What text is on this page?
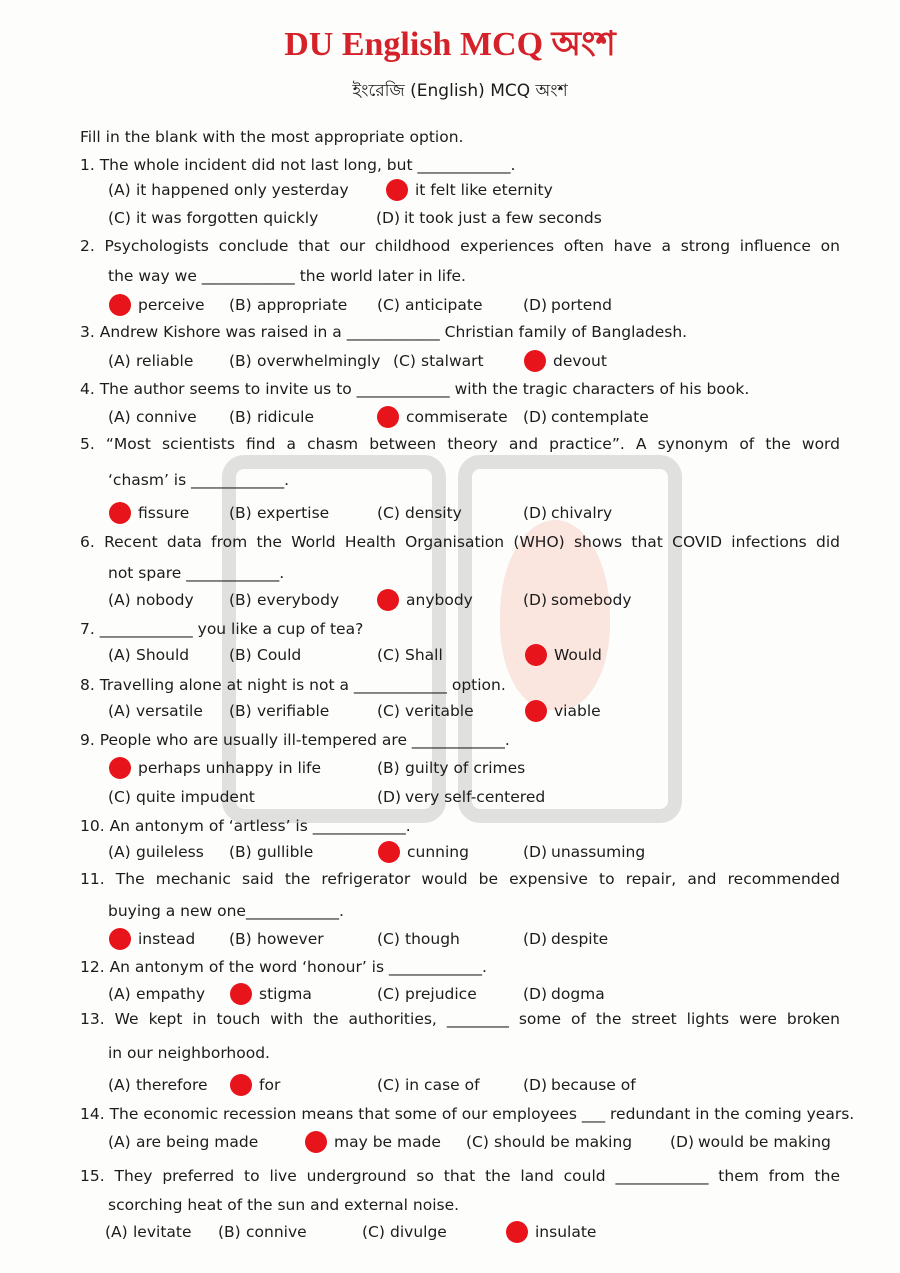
DU English MCQ অংশ
ইংরেজি (English) MCQ অংশ
Fill in the blank with the most appropriate option.
1. The whole incident did not last long, but ____________.
(A) it happened only yesterday	it felt like eternity
(C) it was forgotten quickly	(D) it took just a few seconds
2. Psychologists conclude that our childhood experiences often have a strong influence on
the way we ____________ the world later in life.
perceive (B) appropriate (C) anticipate	(D) portend
3. Andrew Kishore was raised in a ____________ Christian family of Bangladesh.
(A) reliable (B) overwhelmingly (C) stalwart	devout
4. The author seems to invite us to ____________ with the tragic characters of his book.
(A) connive (B) ridicule	commiserate (D) contemplate
5. “Most scientists find a chasm between theory and practice”. A synonym of the word
‘chasm’ is ____________.
fissure	(B) expertise	(C) density	(D) chivalry
6. Recent data from the World Health Organisation (WHO) shows that COVID infections did
not spare ____________.
(A) nobody (B) everybody	anybody	(D) somebody
7. ____________ you like a cup of tea?
(A) Should	(B) Could	(C) Shall	Would
8. Travelling alone at night is not a ____________ option.
(A) versatile (B) verifiable	(C) veritable	viable
9. People who are usually ill-tempered are ____________.
perhaps unhappy in life	(B) guilty of crimes
(C) quite impudent	(D) very self-centered
10. An antonym of ‘artless’ is ____________.
(A) guileless (B) gullible	cunning	(D) unassuming
11. The mechanic said the refrigerator would be expensive to repair, and recommended
buying a new one____________.
instead (B) however	(C) though	(D) despite
12. An antonym of the word ‘honour’ is ____________.
(A) empathy	stigma	(C) prejudice	(D) dogma
13. We kept in touch with the authorities, ________ some of the street lights were broken
in our neighborhood.
(A) therefore	for	(C) in case of	(D) because of
14. The economic recession means that some of our employees ___ redundant in the coming years.
(A) are being made	may be made (C) should be making (D) would be making
15. They preferred to live underground so that the land could ____________ them from the
scorching heat of the sun and external noise.
(A) levitate (B) connive	(C) divulge	insulate
